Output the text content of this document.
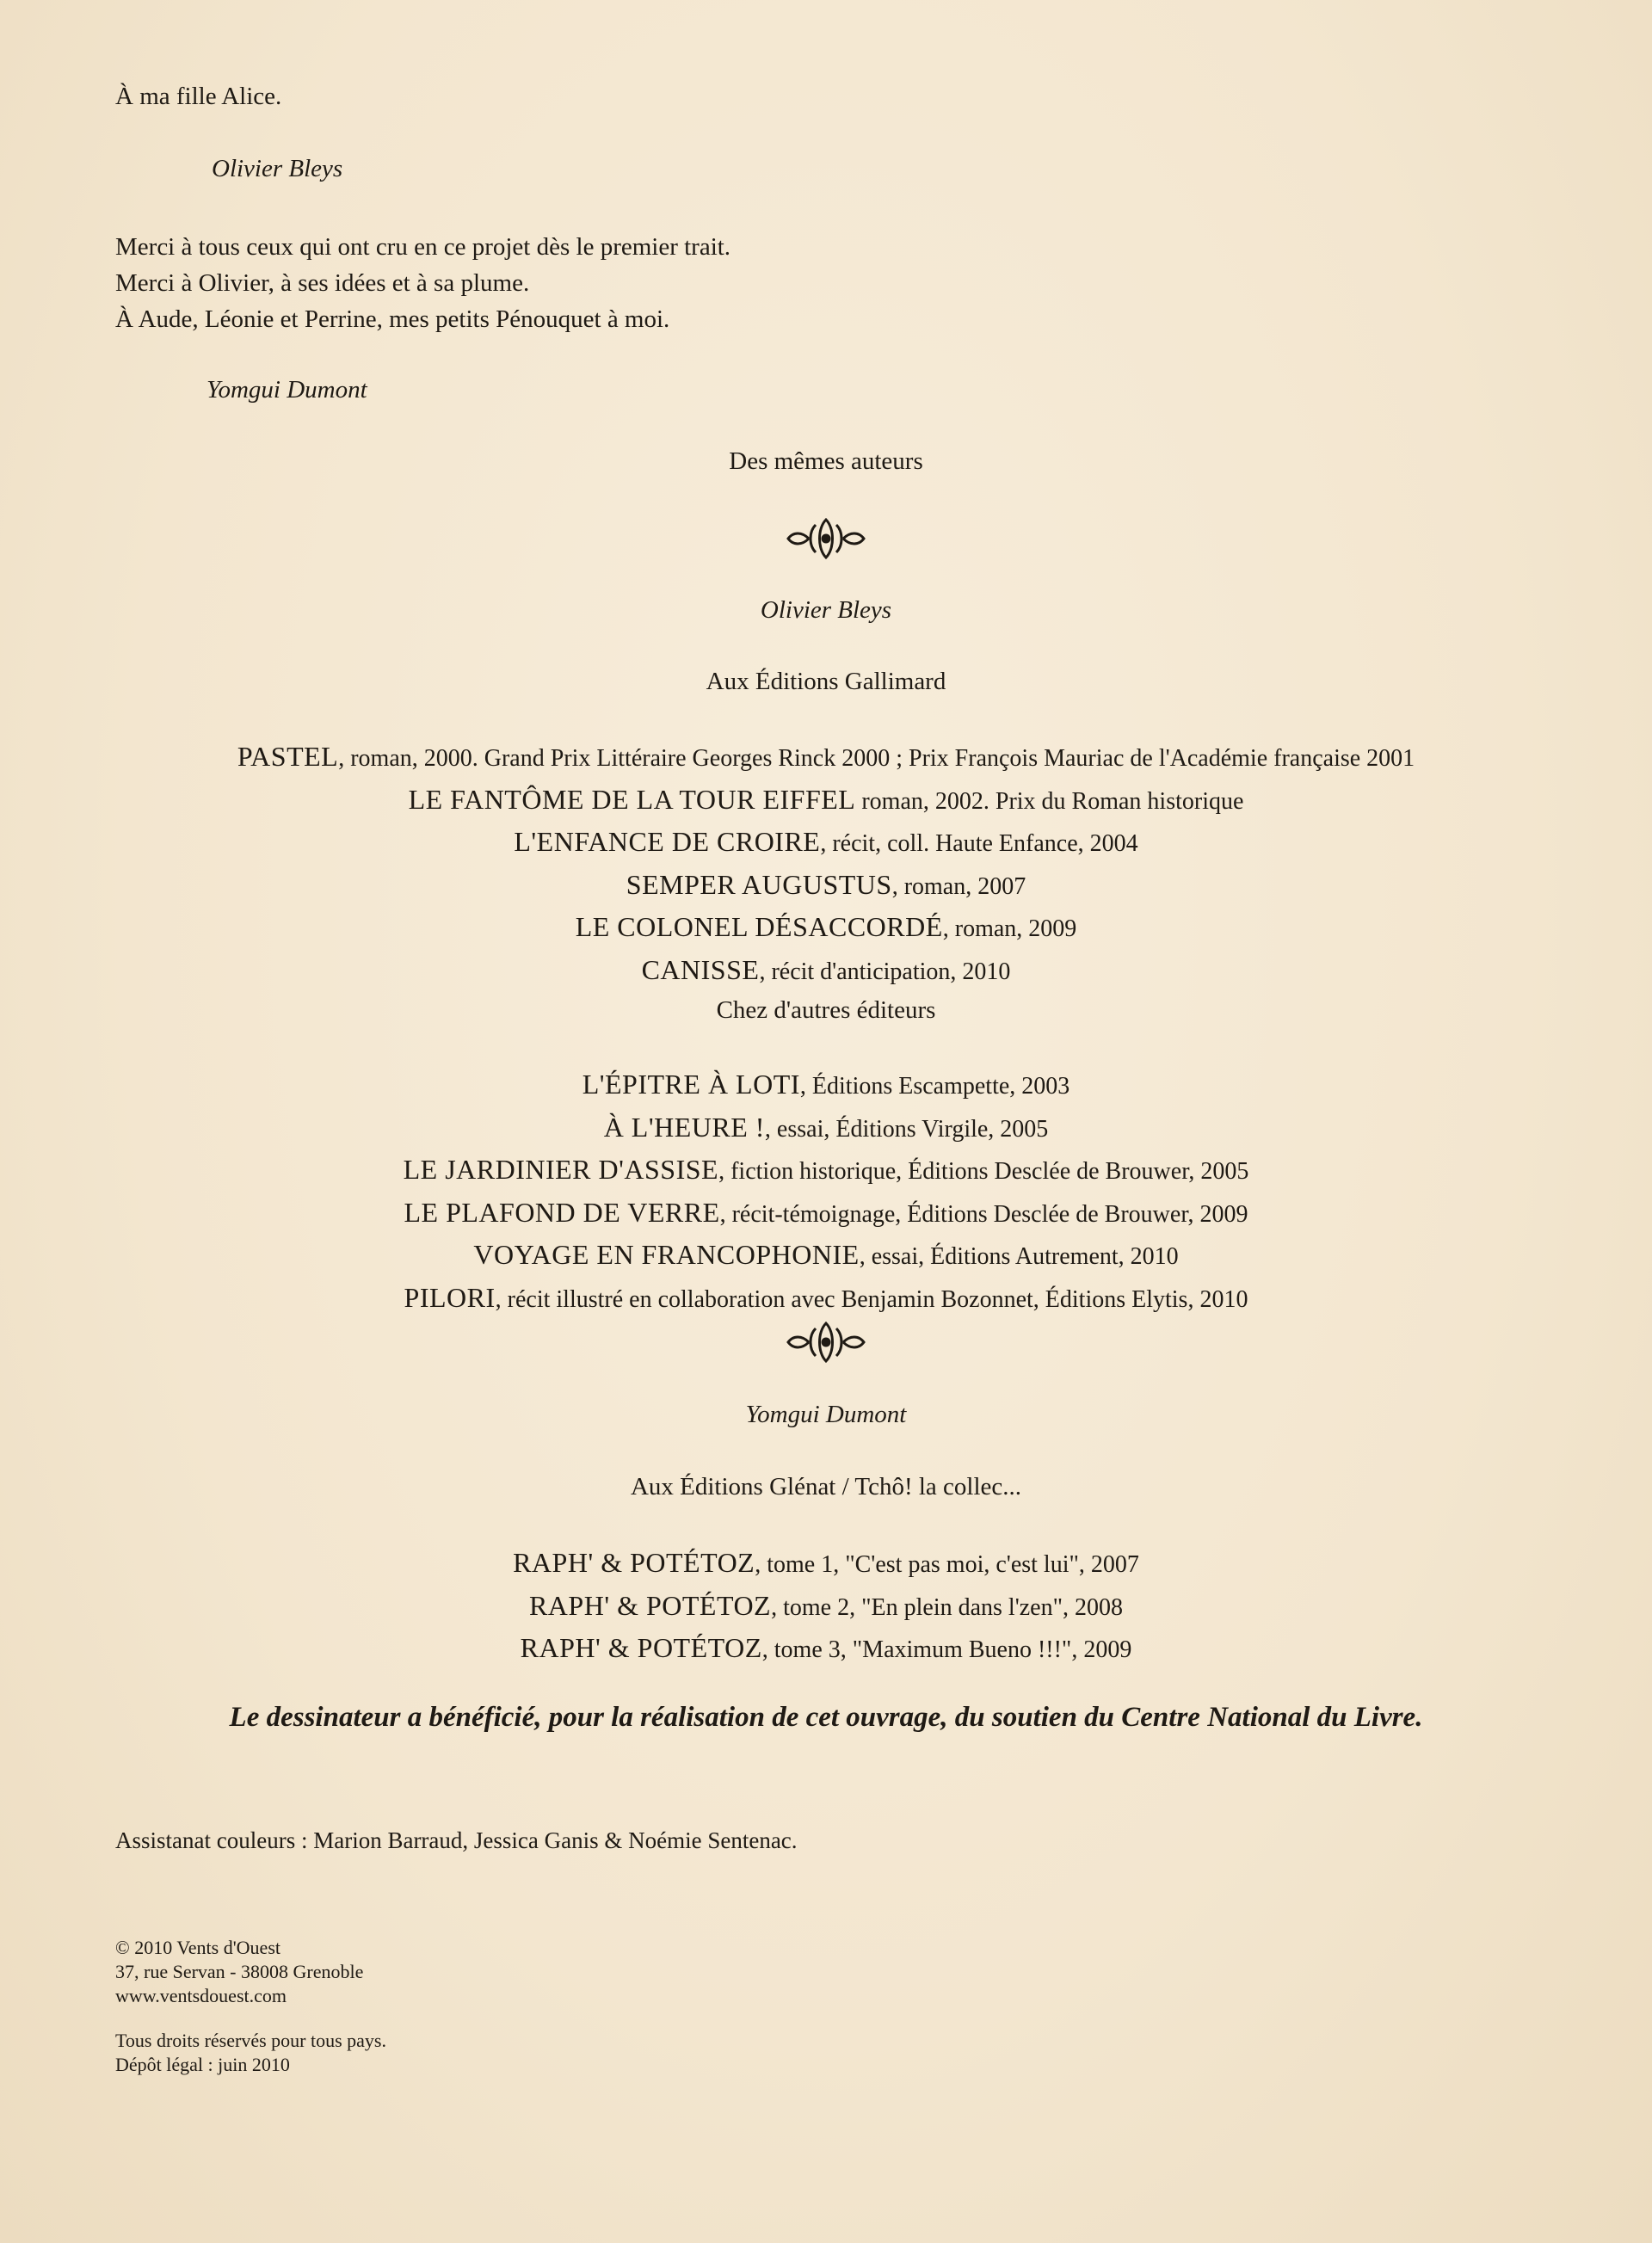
À ma fille Alice.
Olivier Bleys
Merci à tous ceux qui ont cru en ce projet dès le premier trait.
Merci à Olivier, à ses idées et à sa plume.
À Aude, Léonie et Perrine, mes petits Pénouquet à moi.
Yomgui Dumont
Des mêmes auteurs
Olivier Bleys
Aux Éditions Gallimard
PASTEL, roman, 2000. Grand Prix Littéraire Georges Rinck 2000 ; Prix François Mauriac de l'Académie française 2001
LE FANTÔME DE LA TOUR EIFFEL roman, 2002. Prix du Roman historique
L'ENFANCE DE CROIRE, récit, coll. Haute Enfance, 2004
SEMPER AUGUSTUS, roman, 2007
LE COLONEL DÉSACCORDÉ, roman, 2009
CANISSE, récit d'anticipation, 2010
Chez d'autres éditeurs
L'ÉPITRE À LOTI, Éditions Escampette, 2003
À L'HEURE !, essai, Éditions Virgile, 2005
LE JARDINIER D'ASSISE, fiction historique, Éditions Desclée de Brouwer, 2005
LE PLAFOND DE VERRE, récit-témoignage, Éditions Desclée de Brouwer, 2009
VOYAGE EN FRANCOPHONIE, essai, Éditions Autrement, 2010
PILORI, récit illustré en collaboration avec Benjamin Bozonnet, Éditions Elytis, 2010
Yomgui Dumont
Aux Éditions Glénat / Tchô! la collec...
RAPH' & POTÉTOZ, tome 1, "C'est pas moi, c'est lui", 2007
RAPH' & POTÉTOZ, tome 2, "En plein dans l'zen", 2008
RAPH' & POTÉTOZ, tome 3, "Maximum Bueno !!!", 2009
Le dessinateur a bénéficié, pour la réalisation de cet ouvrage, du soutien du Centre National du Livre.
Assistanat couleurs : Marion Barraud, Jessica Ganis & Noémie Sentenac.
© 2010 Vents d'Ouest
37, rue Servan - 38008 Grenoble
www.ventsdouest.com
Tous droits réservés pour tous pays.
Dépôt légal : juin 2010
